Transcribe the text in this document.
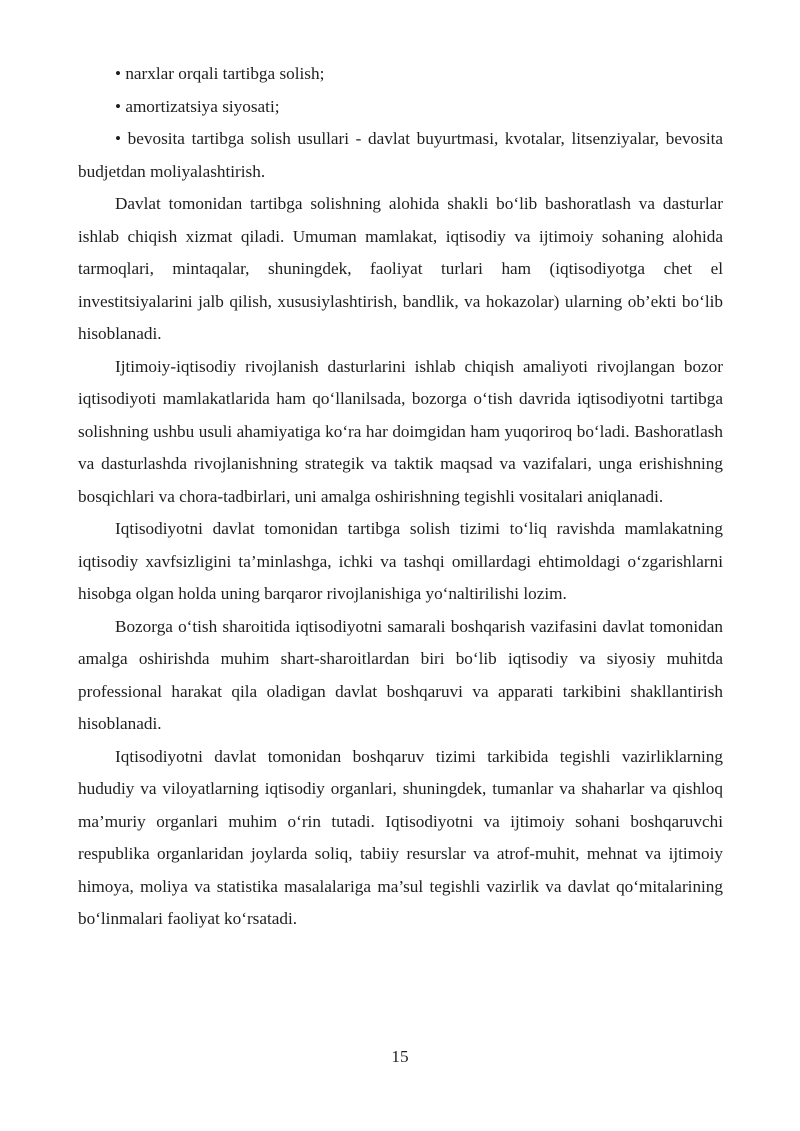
• narxlar orqali tartibga solish;

• amortizatsiya siyosati;

• bevosita tartibga solish usullari - davlat buyurtmasi, kvotalar, litsenziyalar, bevosita budjetdan moliyalashtirish.

Davlat tomonidan tartibga solishning alohida shakli bo‘lib bashoratlash va dasturlar ishlab chiqish xizmat qiladi. Umuman mamlakat, iqtisodiy va ijtimoiy sohaning alohida tarmoqlari, mintaqalar, shuningdek, faoliyat turlari ham (iqtisodiyotga chet el investitsiyalarini jalb qilish, xususiylashtirish, bandlik, va hokazolar) ularning ob’ekti bo‘lib hisoblanadi.

Ijtimoiy-iqtisodiy rivojlanish dasturlarini ishlab chiqish amaliyoti rivojlangan bozor iqtisodiyoti mamlakatlarida ham qo‘llanilsada, bozorga o‘tish davrida iqtisodiyotni tartibga solishning ushbu usuli ahamiyatiga ko‘ra har doimgidan ham yuqoriroq bo‘ladi. Bashoratlash va dasturlashda rivojlanishning strategik va taktik maqsad va vazifalari, unga erishishning bosqichlari va chora-tadbirlari, uni amalga oshirishning tegishli vositalari aniqlanadi.

Iqtisodiyotni davlat tomonidan tartibga solish tizimi to‘liq ravishda mamlakatning iqtisodiy xavfsizligini ta’minlashga, ichki va tashqi omillardagi ehtimoldagi o‘zgarishlarni hisobga olgan holda uning barqaror rivojlanishiga yo‘naltirilishi lozim.

Bozorga o‘tish sharoitida iqtisodiyotni samarali boshqarish vazifasini davlat tomonidan amalga oshirishda muhim shart-sharoitlardan biri bo‘lib iqtisodiy va siyosiy muhitda professional harakat qila oladigan davlat boshqaruvi va apparati tarkibini shakllantirish hisoblanadi.

Iqtisodiyotni davlat tomonidan boshqaruv tizimi tarkibida tegishli vazirliklarning hududiy va viloyatlarning iqtisodiy organlari, shuningdek, tumanlar va shaharlar va qishloq ma’muriy organlari muhim o‘rin tutadi. Iqtisodiyotni va ijtimoiy sohani boshqaruvchi respublika organlaridan joylarda soliq, tabiiy resurslar va atrof-muhit, mehnat va ijtimoiy himoya, moliya va statistika masalalariga ma’sul tegishli vazirlik va davlat qo‘mitalarining bo‘linmalari faoliyat ko‘rsatadi.

15
